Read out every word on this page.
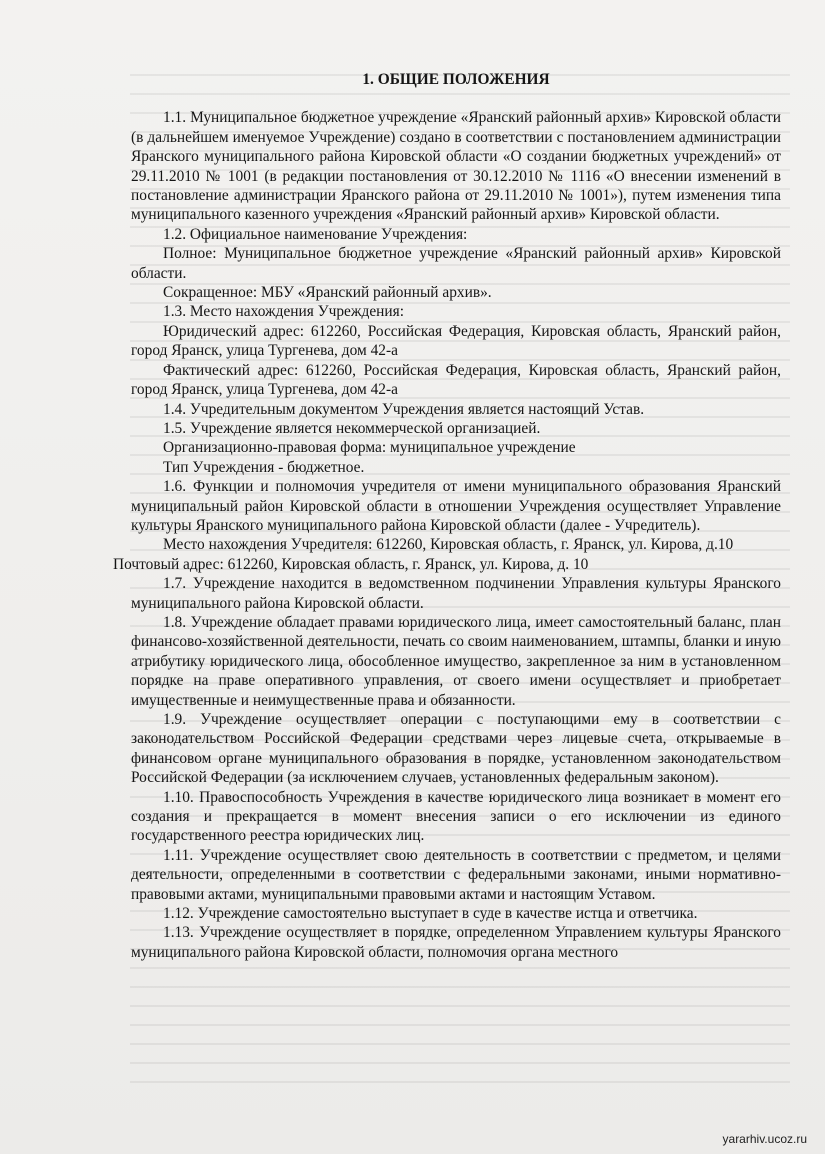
1. ОБЩИЕ ПОЛОЖЕНИЯ

1.1. Муниципальное бюджетное учреждение «Яранский районный архив» Кировской области (в дальнейшем именуемое Учреждение) создано в соответствии с постановлением администрации Яранского муниципального района Кировской области «О создании бюджетных учреждений» от 29.11.2010 № 1001 (в редакции постановления от 30.12.2010 № 1116 «О внесении изменений в постановление администрации Яранского района от 29.11.2010 № 1001»), путем изменения типа муниципального казенного учреждения «Яранский районный архив» Кировской области.

1.2. Официальное наименование Учреждения:

Полное: Муниципальное бюджетное учреждение «Яранский районный архив» Кировской области.

Сокращенное: МБУ «Яранский районный архив».

1.3. Место нахождения Учреждения:

Юридический адрес: 612260, Российская Федерация, Кировская область, Яранский район, город Яранск, улица Тургенева, дом 42-а

Фактический адрес: 612260, Российская Федерация, Кировская область, Яранский район, город Яранск, улица Тургенева, дом 42-а

1.4. Учредительным документом Учреждения является настоящий Устав.

1.5. Учреждение является некоммерческой организацией.

Организационно-правовая форма: муниципальное учреждение

Тип Учреждения - бюджетное.

1.6. Функции и полномочия учредителя от имени муниципального образования Яранский муниципальный район Кировской области в отношении Учреждения осуществляет Управление культуры Яранского муниципального района Кировской области (далее - Учредитель).

Место нахождения Учредителя: 612260, Кировская область, г. Яранск, ул. Кирова, д.10

Почтовый адрес: 612260, Кировская область, г. Яранск, ул. Кирова, д. 10

1.7. Учреждение находится в ведомственном подчинении Управления культуры Яранского муниципального района Кировской области.

1.8. Учреждение обладает правами юридического лица, имеет самостоятельный баланс, план финансово-хозяйственной деятельности, печать со своим наименованием, штампы, бланки и иную атрибутику юридического лица, обособленное имущество, закрепленное за ним в установленном порядке на праве оперативного управления, от своего имени осуществляет и приобретает имущественные и неимущественные права и обязанности.

1.9. Учреждение осуществляет операции с поступающими ему в соответствии с законодательством Российской Федерации средствами через лицевые счета, открываемые в финансовом органе муниципального образования в порядке, установленном законодательством Российской Федерации (за исключением случаев, установленных федеральным законом).

1.10. Правоспособность Учреждения в качестве юридического лица возникает в момент его создания и прекращается в момент внесения записи о его исключении из единого государственного реестра юридических лиц.

1.11. Учреждение осуществляет свою деятельность в соответствии с предметом, и целями деятельности, определенными в соответствии с федеральными законами, иными нормативно-правовыми актами, муниципальными правовыми актами и настоящим Уставом.

1.12. Учреждение самостоятельно выступает в суде в качестве истца и ответчика.

1.13. Учреждение осуществляет в порядке, определенном Управлением культуры Яранского муниципального района Кировской области, полномочия органа местного

yararhiv.ucoz.ru
